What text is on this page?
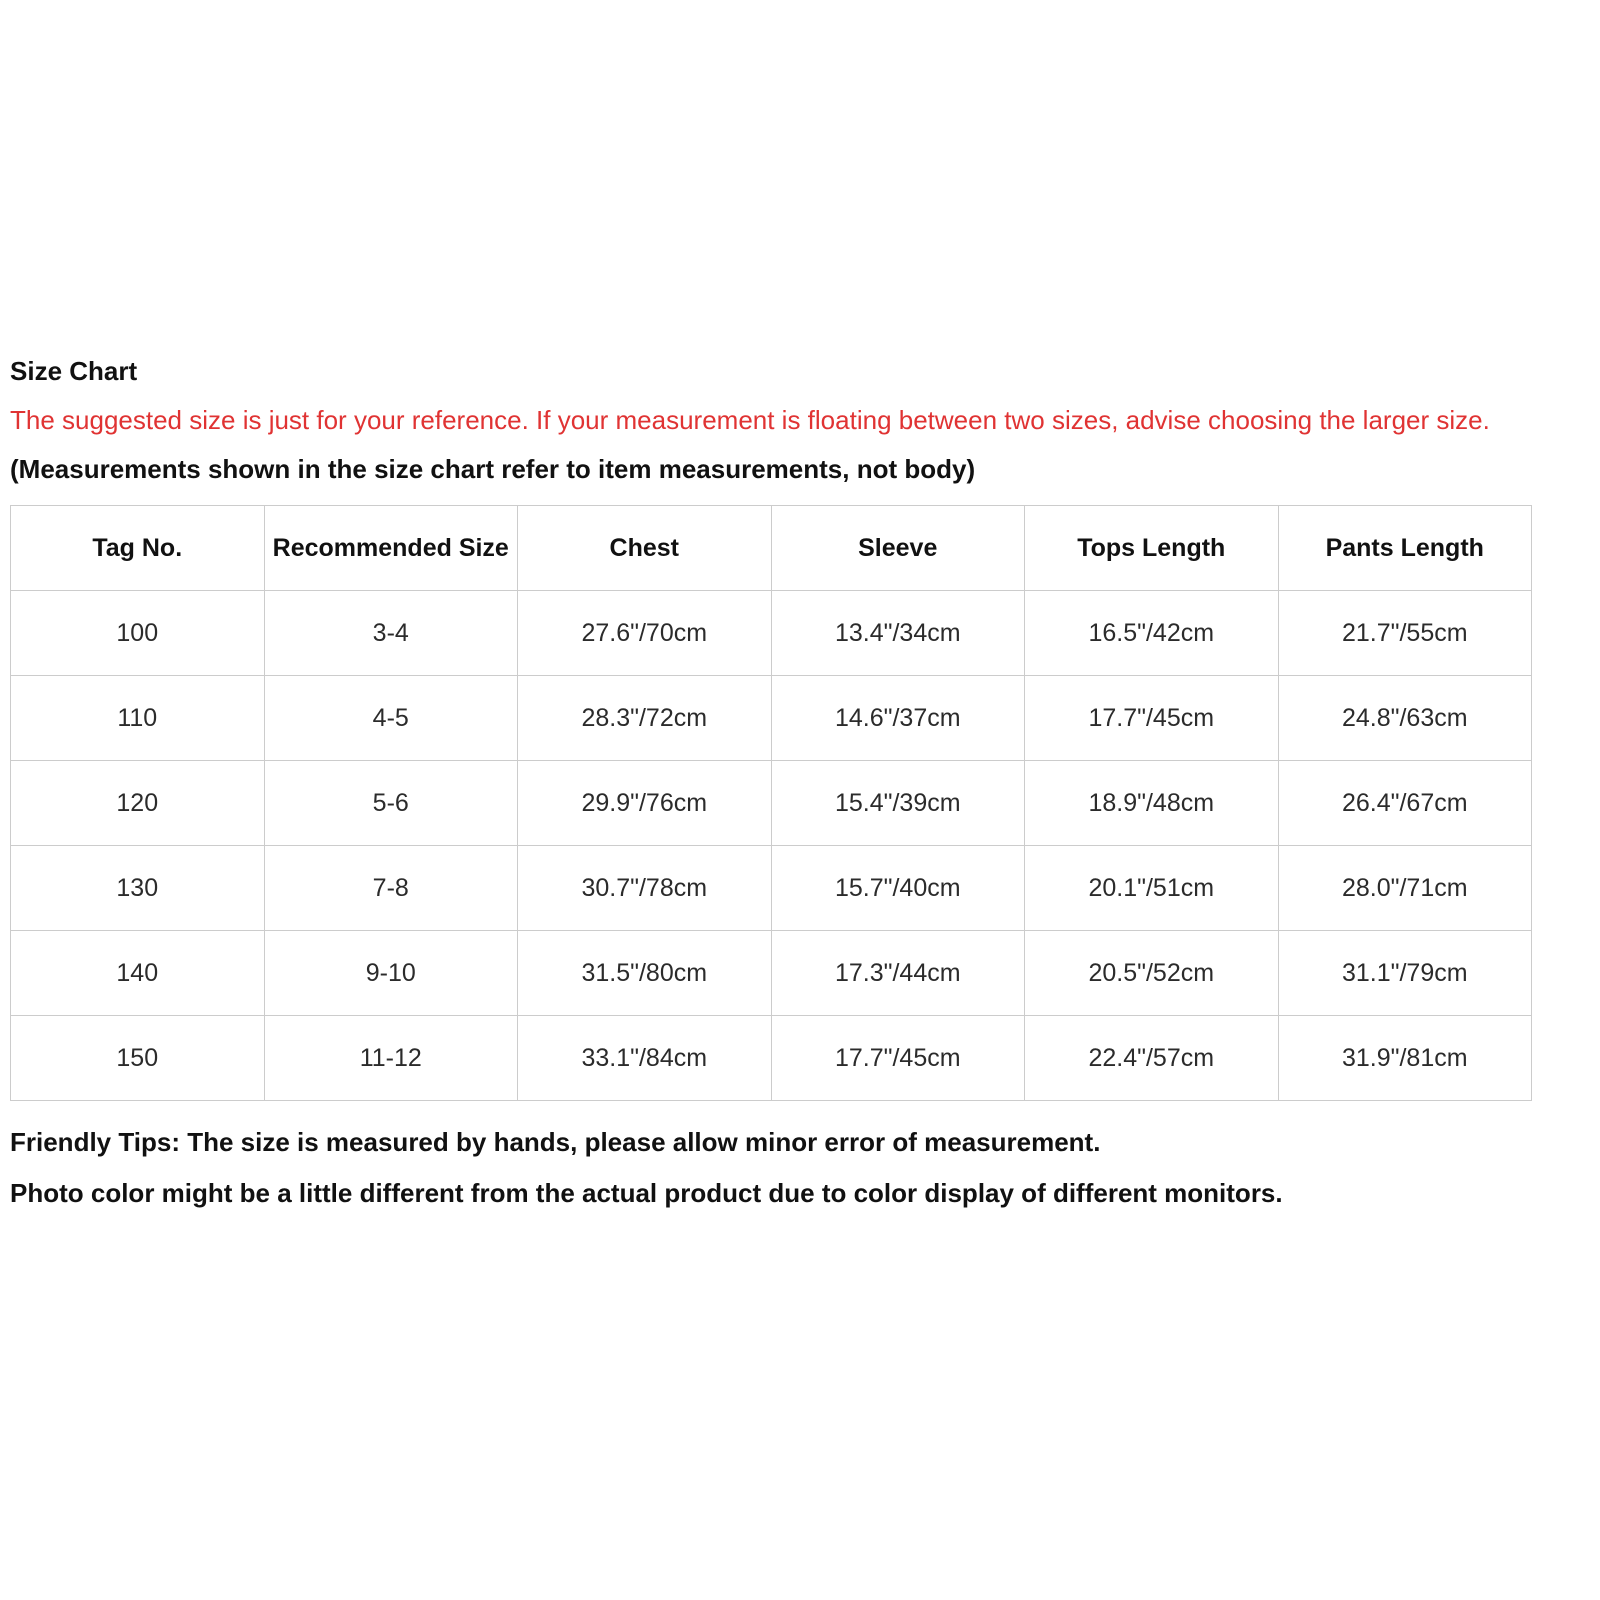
Size Chart

The suggested size is just for your reference. If your measurement is floating between two sizes, advise choosing the larger size.

(Measurements shown in the size chart refer to item measurements, not body)

Tag No.	Recommended Size	Chest	Sleeve	Tops Length	Pants Length
100	3-4	27.6"/70cm	13.4"/34cm	16.5"/42cm	21.7"/55cm
110	4-5	28.3"/72cm	14.6"/37cm	17.7"/45cm	24.8"/63cm
120	5-6	29.9"/76cm	15.4"/39cm	18.9"/48cm	26.4"/67cm
130	7-8	30.7"/78cm	15.7"/40cm	20.1"/51cm	28.0"/71cm
140	9-10	31.5"/80cm	17.3"/44cm	20.5"/52cm	31.1"/79cm
150	11-12	33.1"/84cm	17.7"/45cm	22.4"/57cm	31.9"/81cm

Friendly Tips: The size is measured by hands, please allow minor error of measurement.

Photo color might be a little different from the actual product due to color display of different monitors.
